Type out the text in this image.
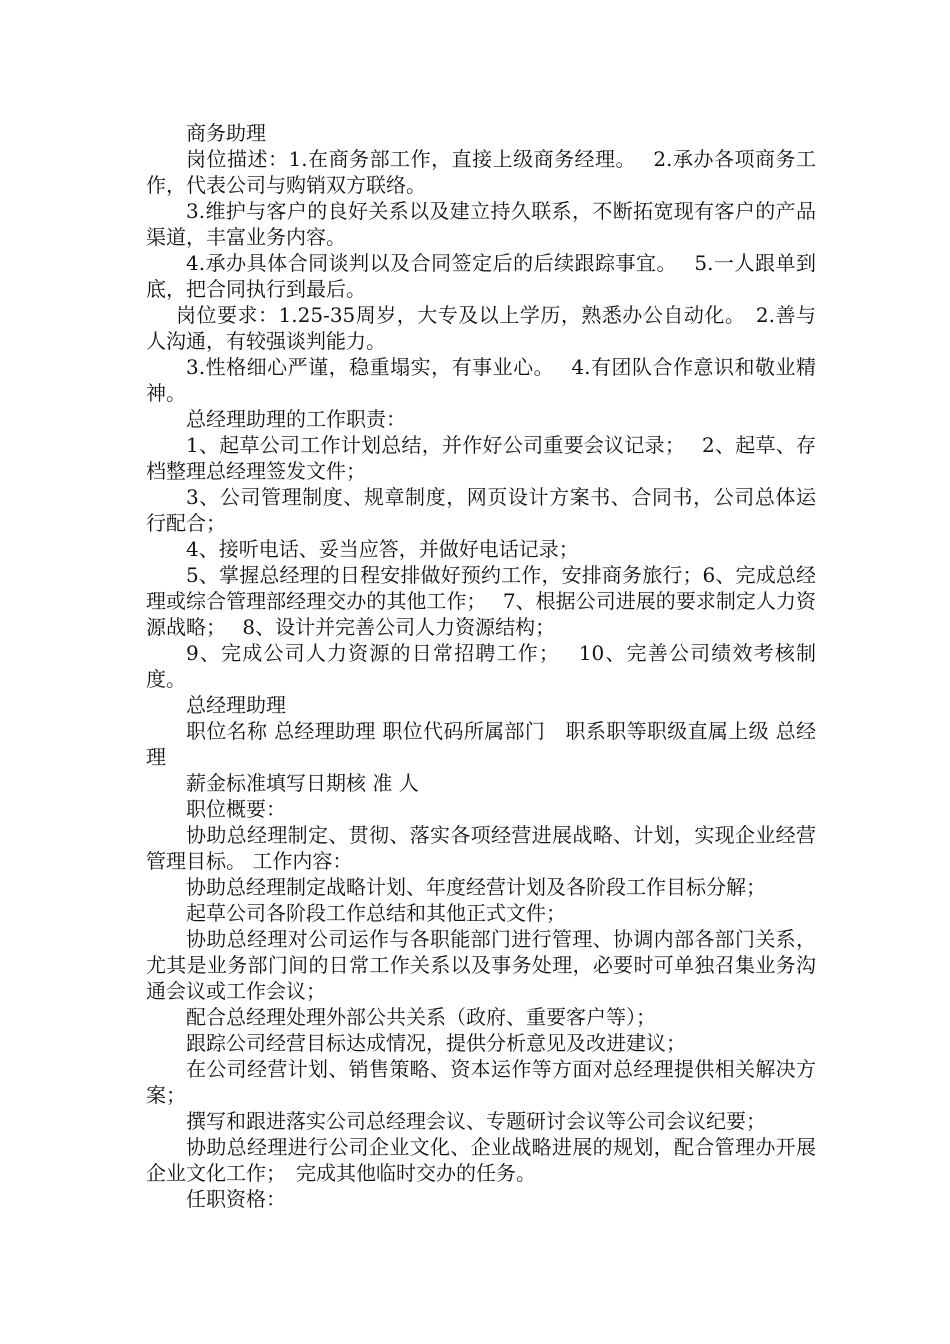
商务助理

岗位描述：1.在商务部工作，直接上级商务经理。　 2.承办各项商务工作，代表公司与购销双方联络。

3.维护与客户的良好关系以及建立持久联系，不断拓宽现有客户的产品渠道，丰富业务内容。

4.承办具体合同谈判以及合同签定后的后续跟踪事宜。　 5.一人跟单到底，把合同执行到最后。

岗位要求：1.25-35周岁，大专及以上学历，熟悉办公自动化。　2.善与人沟通，有较强谈判能力。

3.性格细心严谨，稳重塌实，有事业心。　 4.有团队合作意识和敬业精神。

总经理助理的工作职责：

1、起草公司工作计划总结，并作好公司重要会议记录；　 2、起草、存档整理总经理签发文件；

3、公司管理制度、规章制度，网页设计方案书、合同书，公司总体运行配合；

4、接听电话、妥当应答，并做好电话记录；

5、掌握总经理的日程安排做好预约工作，安排商务旅行；6、完成总经理或综合管理部经理交办的其他工作；　 7、根据公司进展的要求制定人力资源战略；　 8、设计并完善公司人力资源结构；

9、完成公司人力资源的日常招聘工作；　 10、完善公司绩效考核制度。

总经理助理

职位名称 总经理助理 职位代码所属部门　职系职等职级直属上级 总经理

薪金标准填写日期核 准 人

职位概要：

协助总经理制定、贯彻、落实各项经营进展战略、计划，实现企业经营管理目标。 工作内容：

协助总经理制定战略计划、年度经营计划及各阶段工作目标分解；

起草公司各阶段工作总结和其他正式文件；

协助总经理对公司运作与各职能部门进行管理、协调内部各部门关系，尤其是业务部门间的日常工作关系以及事务处理，必要时可单独召集业务沟通会议或工作会议；

配合总经理处理外部公共关系（政府、重要客户等）；

跟踪公司经营目标达成情况，提供分析意见及改进建议；

在公司经营计划、销售策略、资本运作等方面对总经理提供相关解决方案；

撰写和跟进落实公司总经理会议、专题研讨会议等公司会议纪要；

协助总经理进行公司企业文化、企业战略进展的规划，配合管理办开展企业文化工作；　完成其他临时交办的任务。

任职资格：
